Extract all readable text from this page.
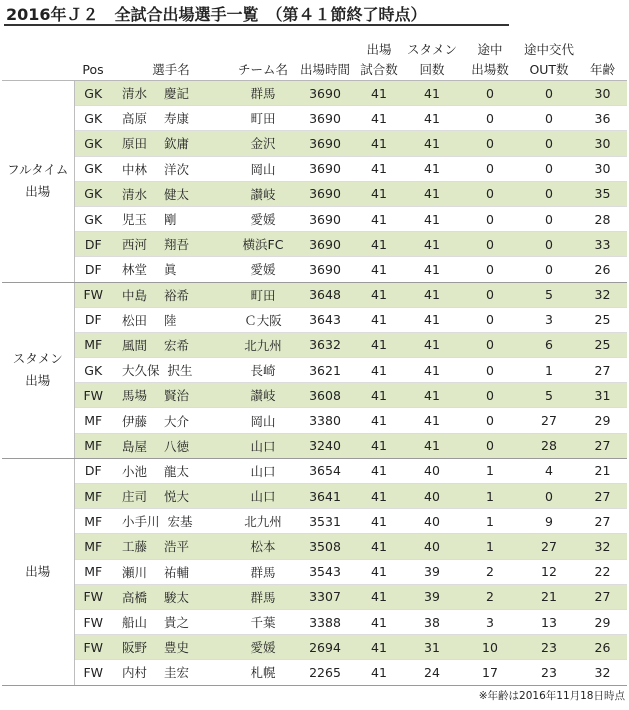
2016年Ｊ２　全試合出場選手一覧　（第４１節終了時点）
					出場	スタメン	途中	途中交代	
	Pos	選手名	チーム名	出場時間	試合数	回数	出場数	OUT数	年齢

フルタイム
出場	GK	清水 慶記	群馬	3690	41	41	0	0	30
	GK	高原 寿康	町田	3690	41	41	0	0	36
	GK	原田 欽庸	金沢	3690	41	41	0	0	30
	GK	中林 洋次	岡山	3690	41	41	0	0	30
	GK	清水 健太	讃岐	3690	41	41	0	0	35
	GK	児玉 剛	愛媛	3690	41	41	0	0	28
	DF	西河 翔吾	横浜FC	3690	41	41	0	0	33
	DF	林堂 眞	愛媛	3690	41	41	0	0	26

スタメン
出場	FW	中島 裕希	町田	3648	41	41	0	5	32
	DF	松田 陸	Ｃ大阪	3643	41	41	0	3	25
	MF	風間 宏希	北九州	3632	41	41	0	6	25
	GK	大久保 択生	長崎	3621	41	41	0	1	27
	FW	馬場 賢治	讃岐	3608	41	41	0	5	31
	MF	伊藤 大介	岡山	3380	41	41	0	27	29
	MF	島屋 八徳	山口	3240	41	41	0	28	27

出場	DF	小池 龍太	山口	3654	41	40	1	4	21
	MF	庄司 悦大	山口	3641	41	40	1	0	27
	MF	小手川 宏基	北九州	3531	41	40	1	9	27
	MF	工藤 浩平	松本	3508	41	40	1	27	32
	MF	瀬川 祐輔	群馬	3543	41	39	2	12	22
	FW	高橋 駿太	群馬	3307	41	39	2	21	27
	FW	船山 貴之	千葉	3388	41	38	3	13	29
	FW	阪野 豊史	愛媛	2694	41	31	10	23	26
	FW	内村 圭宏	札幌	2265	41	24	17	23	32
※年齢は2016年11月18日時点
